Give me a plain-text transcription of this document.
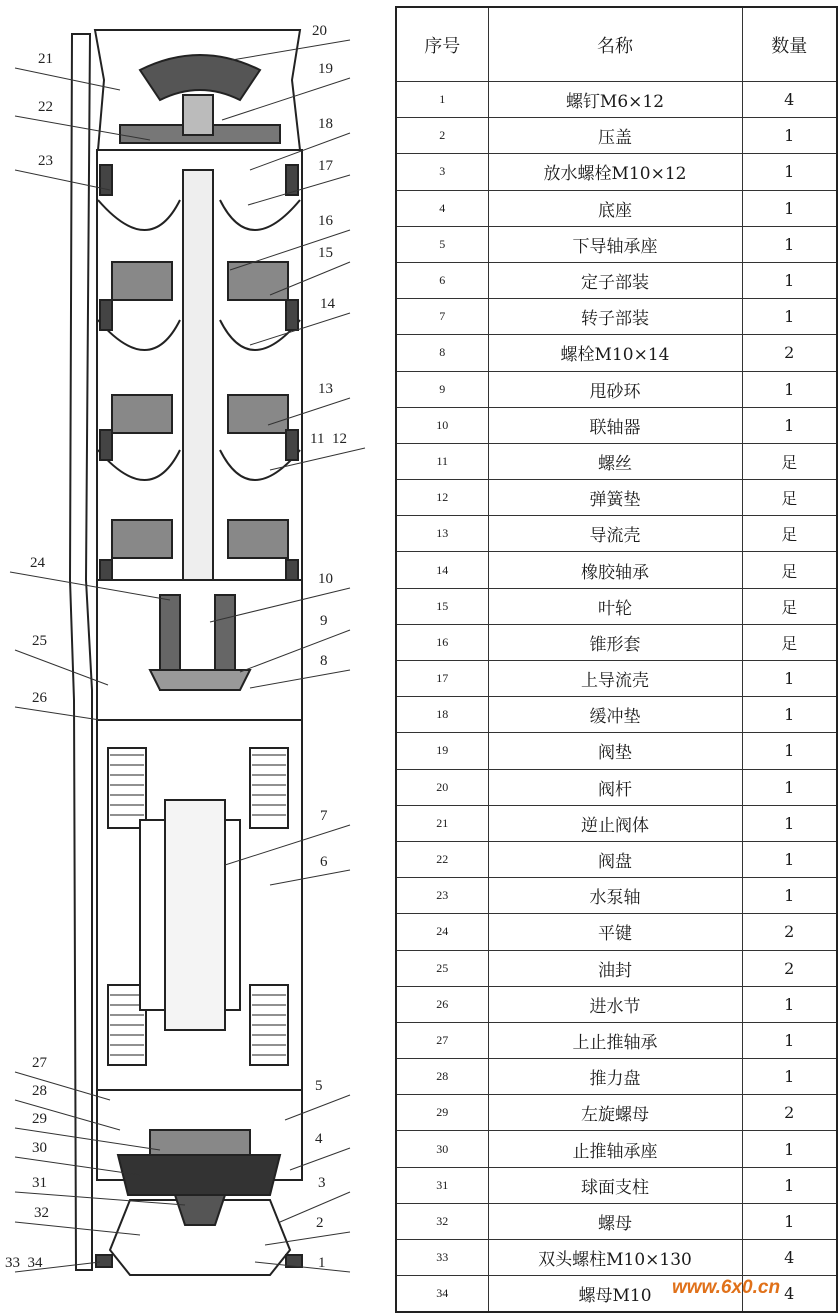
20
19
18
17
16
15
14
13
11  12
10
9
8
7
6
5
4
3
2
1
21
22
23
24
25
26
27
28
29
30
31
32
33  34
序号	名称	数量
1	螺钉M6×12	4
2	压盖	1
3	放水螺栓M10×12	1
4	底座	1
5	下导轴承座	1
6	定子部装	1
7	转子部装	1
8	螺栓M10×14	2
9	甩砂环	1
10	联轴器	1
11	螺丝	足
12	弹簧垫	足
13	导流壳	足
14	橡胶轴承	足
15	叶轮	足
16	锥形套	足
17	上导流壳	1
18	缓冲垫	1
19	阀垫	1
20	阀杆	1
21	逆止阀体	1
22	阀盘	1
23	水泵轴	1
24	平键	2
25	油封	2
26	进水节	1
27	上止推轴承	1
28	推力盘	1
29	左旋螺母	2
30	止推轴承座	1
31	球面支柱	1
32	螺母	1
33	双头螺柱M10×130	4
34	螺母M10	4
www.6x0.cn
